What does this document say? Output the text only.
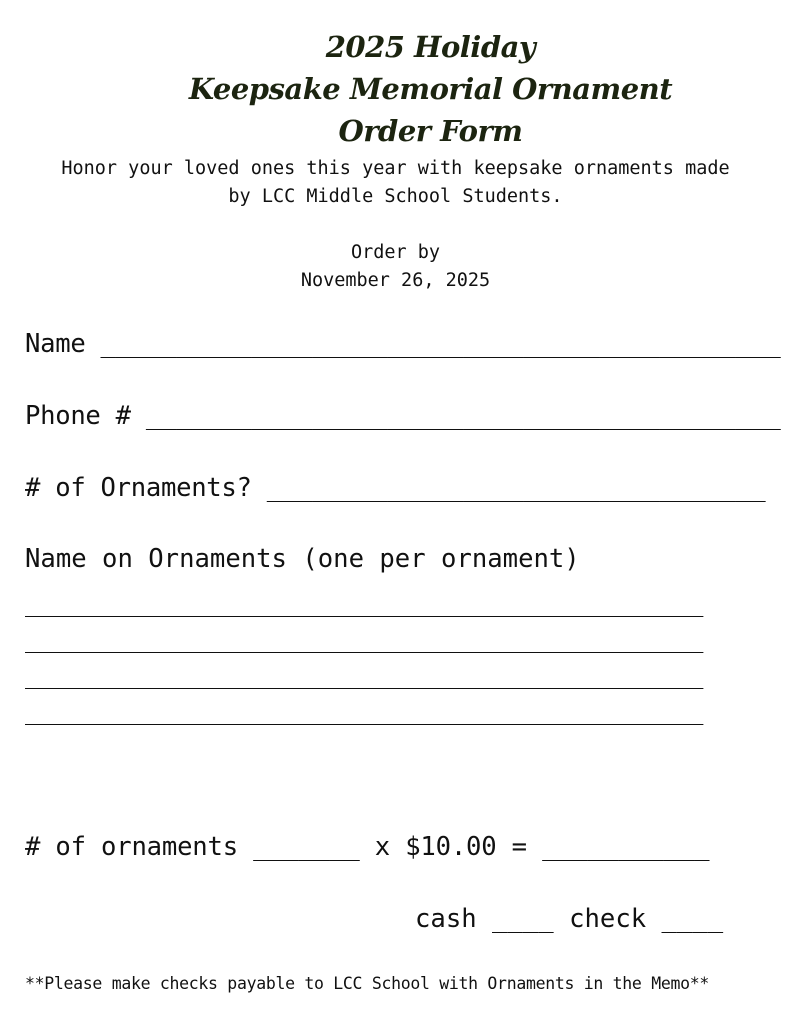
2025 Holiday
Keepsake Memorial Ornament
Order Form
Honor your loved ones this year with keepsake ornaments made
by LCC Middle School Students.
Order by
November 26, 2025
Name _____________________________________________
Phone # __________________________________________
# of Ornaments? _________________________________
Name on Ornaments (one per ornament)
______________________________________________________
______________________________________________________
______________________________________________________
______________________________________________________
# of ornaments _______ x $10.00 = ___________
cash ____ check ____
**Please make checks payable to LCC School with Ornaments in the Memo**
